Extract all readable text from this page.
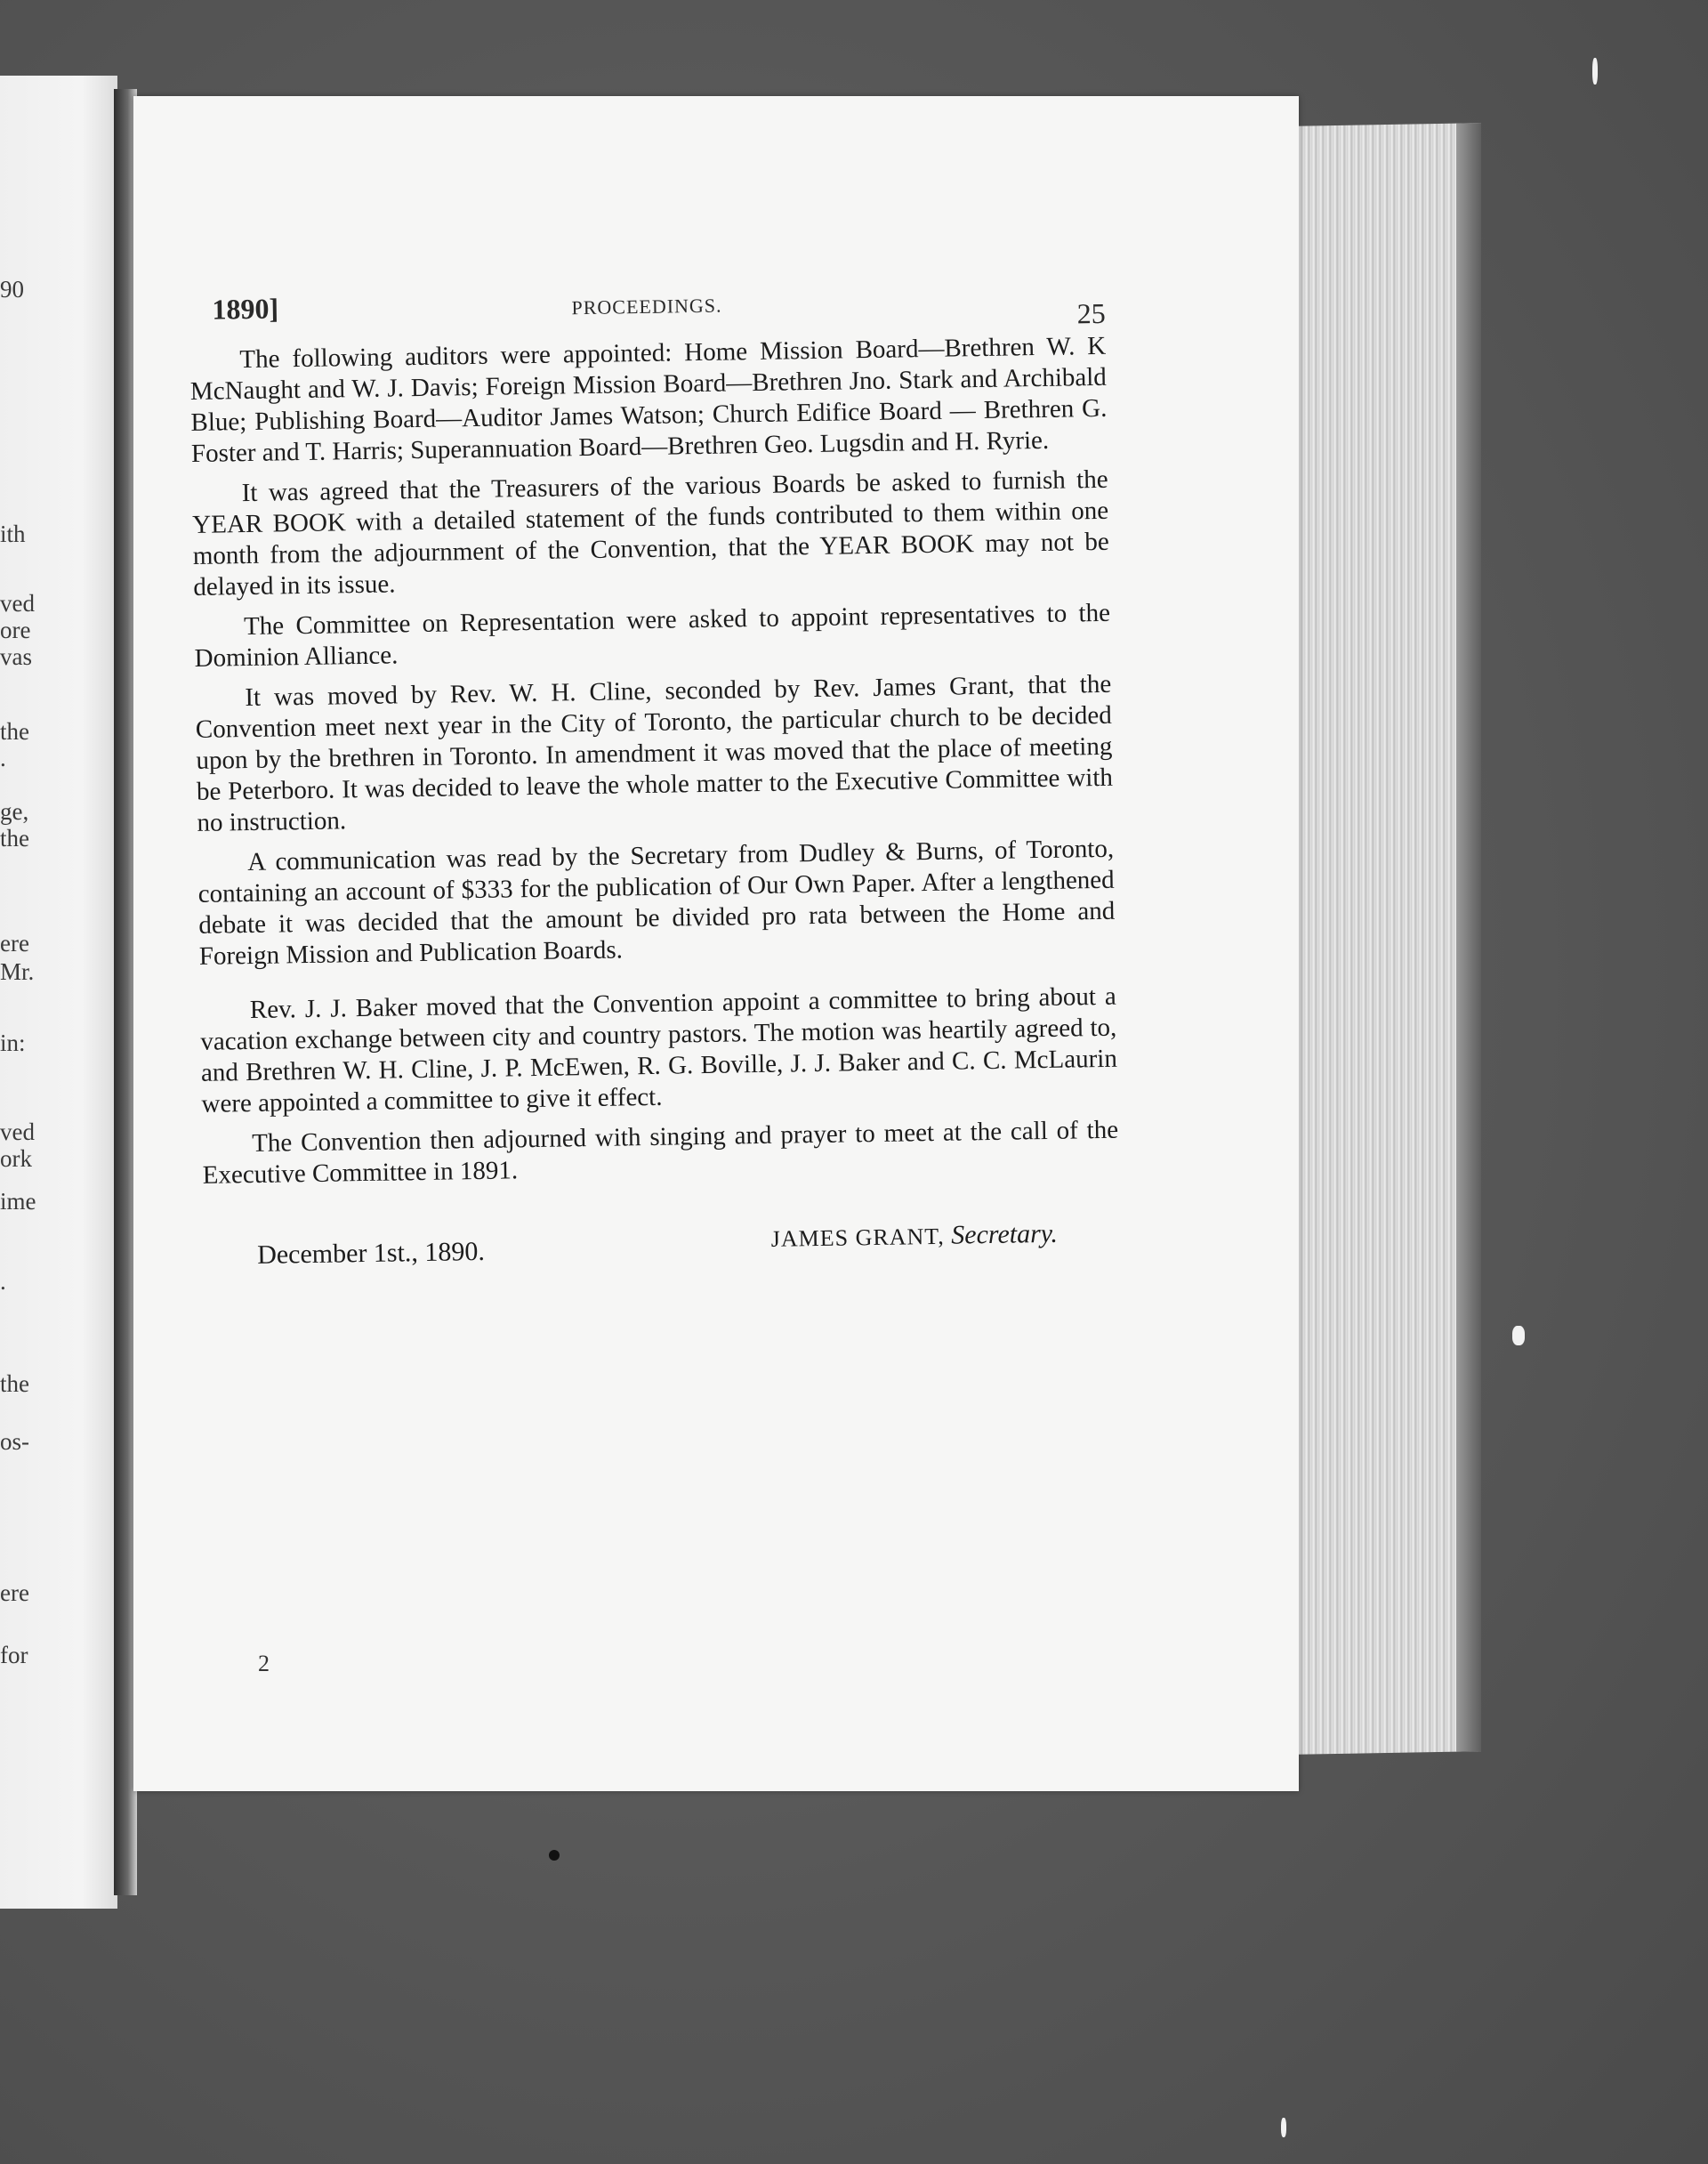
90
ith
ved
ore
vas
the
.
ge,
the
ere
Mr.
in:
ved
ork
ime
.
the
os-
ere
for
1890]	PROCEEDINGS.	25

The following auditors were appointed: Home Mission Board—Brethren W. K McNaught and W. J. Davis; Foreign Mission Board—Brethren Jno. Stark and Archibald Blue; Publishing Board—Auditor James Watson; Church Edifice Board — Brethren G. Foster and T. Harris; Superannuation Board—Brethren Geo. Lugsdin and H. Ryrie.

It was agreed that the Treasurers of the various Boards be asked to furnish the YEAR BOOK with a detailed statement of the funds contributed to them within one month from the adjournment of the Convention, that the YEAR BOOK may not be delayed in its issue.

The Committee on Representation were asked to appoint representatives to the Dominion Alliance.

It was moved by Rev. W. H. Cline, seconded by Rev. James Grant, that the Convention meet next year in the City of Toronto, the particular church to be decided upon by the brethren in Toronto. In amendment it was moved that the place of meeting be Peterboro. It was decided to leave the whole matter to the Executive Committee with no instruction.

A communication was read by the Secretary from Dudley & Burns, of Toronto, containing an account of $333 for the publication of Our Own Paper. After a lengthened debate it was decided that the amount be divided pro rata between the Home and Foreign Mission and Publication Boards.

Rev. J. J. Baker moved that the Convention appoint a committee to bring about a vacation exchange between city and country pastors. The motion was heartily agreed to, and Brethren W. H. Cline, J. P. McEwen, R. G. Boville, J. J. Baker and C. C. McLaurin were appointed a committee to give it effect.

The Convention then adjourned with singing and prayer to meet at the call of the Executive Committee in 1891.

December 1st., 1890.	JAMES GRANT, Secretary.
2
